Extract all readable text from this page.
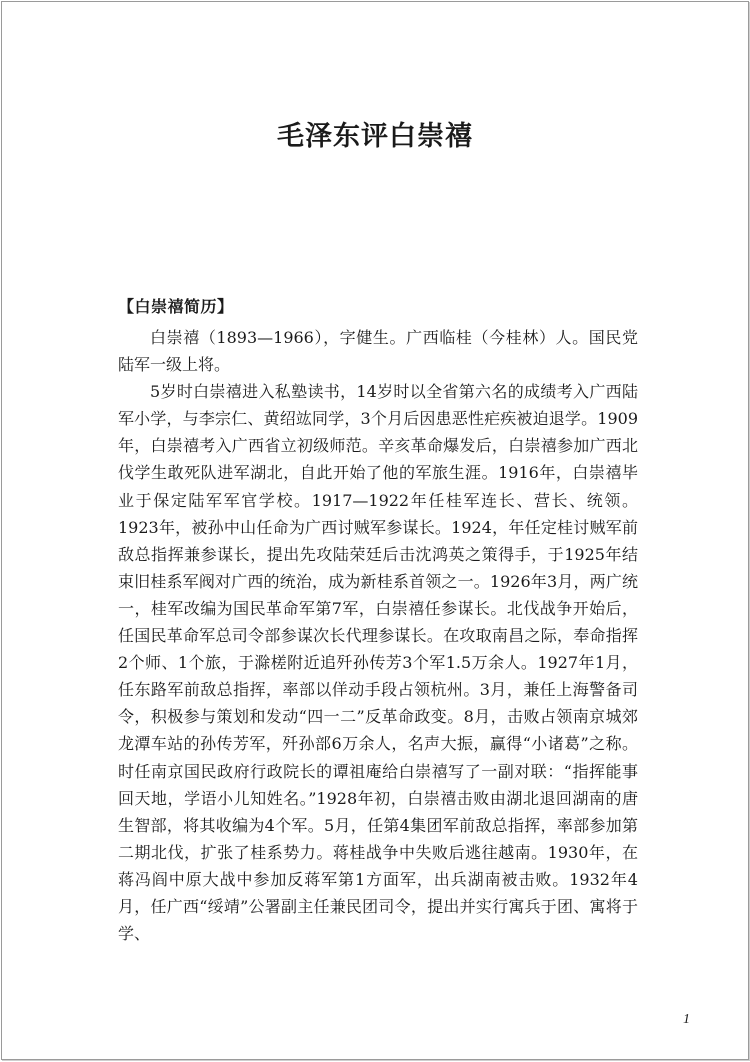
毛泽东评白崇禧
【白崇禧简历】

白崇禧（1893—1966），字健生。广西临桂（今桂林）人。国民党陆军一级上将。

5岁时白崇禧进入私塾读书，14岁时以全省第六名的成绩考入广西陆军小学，与李宗仁、黄绍竑同学，3个月后因患恶性疟疾被迫退学。1909年，白崇禧考入广西省立初级师范。辛亥革命爆发后，白崇禧参加广西北伐学生敢死队进军湖北，自此开始了他的军旅生涯。1916年，白崇禧毕业于保定陆军军官学校。1917—1922年任桂军连长、营长、统领。1923年，被孙中山任命为广西讨贼军参谋长。1924，年任定桂讨贼军前敌总指挥兼参谋长，提出先攻陆荣廷后击沈鸿英之策得手，于1925年结束旧桂系军阀对广西的统治，成为新桂系首领之一。1926年3月，两广统一，桂军改编为国民革命军第7军，白崇禧任参谋长。北伐战争开始后，任国民革命军总司令部参谋次长代理参谋长。在攻取南昌之际，奉命指挥2个师、1个旅，于滁槎附近追歼孙传芳3个军1.5万余人。1927年1月，任东路军前敌总指挥，率部以佯动手段占领杭州。3月，兼任上海警备司令，积极参与策划和发动“四一二”反革命政变。8月，击败占领南京城郊龙潭车站的孙传芳军，歼孙部6万余人，名声大振，赢得“小诸葛”之称。时任南京国民政府行政院长的谭祖庵给白崇禧写了一副对联：“指挥能事回天地，学语小儿知姓名。”1928年初，白崇禧击败由湖北退回湖南的唐生智部，将其收编为4个军。5月，任第4集团军前敌总指挥，率部参加第二期北伐，扩张了桂系势力。蒋桂战争中失败后逃往越南。1930年，在蒋冯阎中原大战中参加反蒋军第1方面军，出兵湖南被击败。1932年4月，任广西“绥靖”公署副主任兼民团司令，提出并实行寓兵于团、寓将于学、

1
